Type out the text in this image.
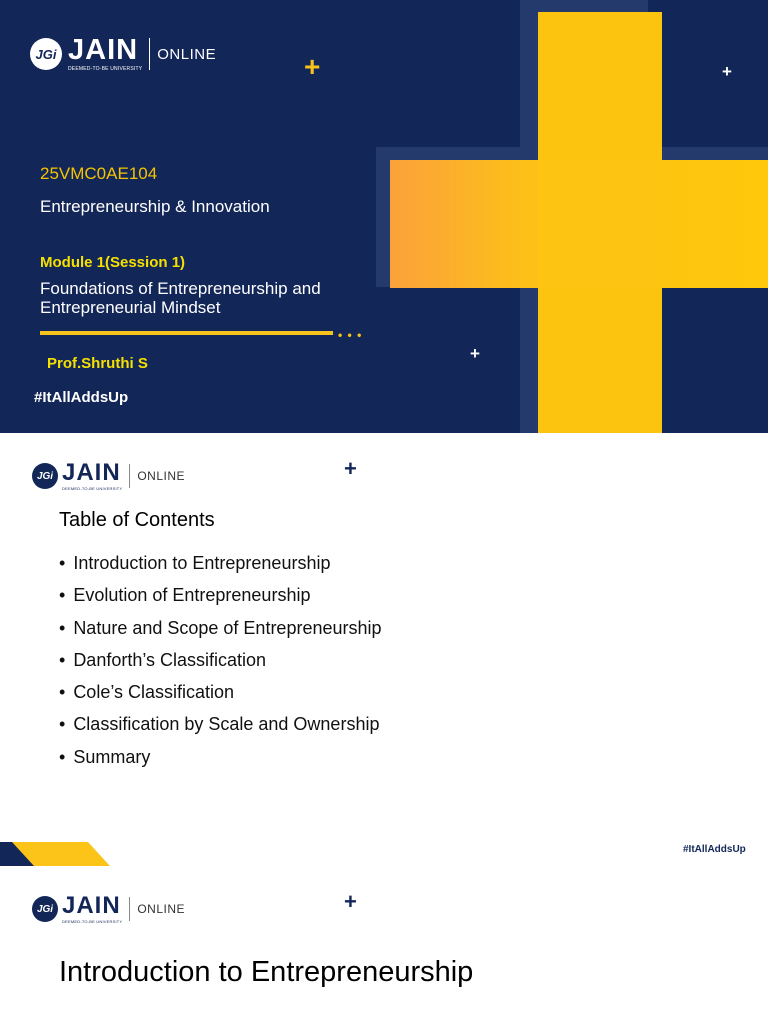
JGi JAIN
DEEMED-TO-BE UNIVERSITY
ONLINE	+	+
+
25VMC0AE104
Entrepreneurship & Innovation
Module 1(Session 1)
Foundations of Entrepreneurship and
Entrepreneurial Mindset
• • •
Prof.Shruthi S
#ItAllAddsUp
JGi JAIN
DEEMED-TO-BE UNIVERSITY
ONLINE	+
Table of Contents
• Introduction to Entrepreneurship
• Evolution of Entrepreneurship
• Nature and Scope of Entrepreneurship
• Danforth’s Classification
• Cole’s Classification
• Classification by Scale and Ownership
• Summary
#ItAllAddsUp
JGi JAIN
DEEMED-TO-BE UNIVERSITY
ONLINE	+
Introduction to Entrepreneurship
